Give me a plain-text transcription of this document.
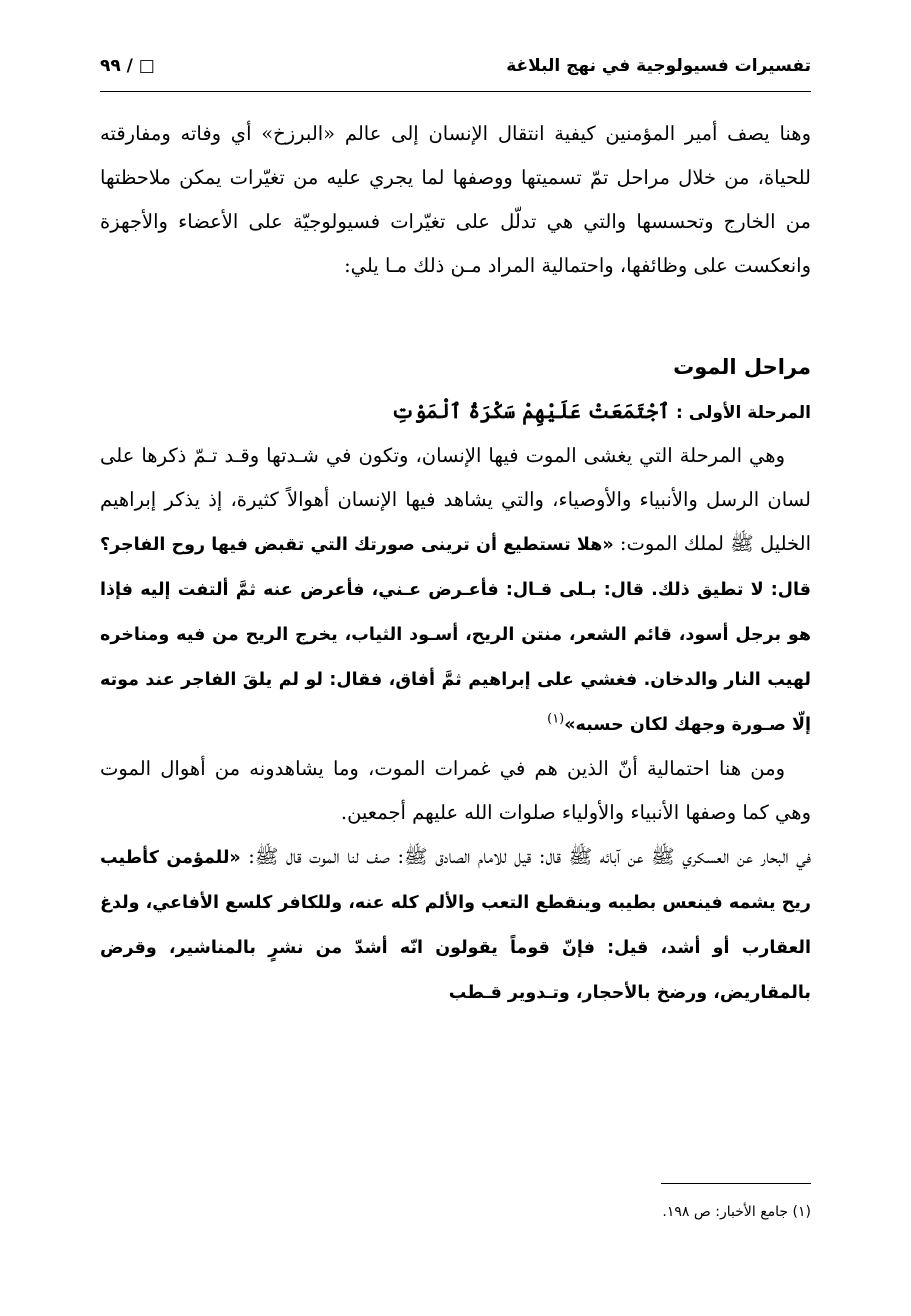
تفسيرات فسيولوجية في نهج البلاغة
□ / ٩٩

وهنا يصف أمير المؤمنين كيفية انتقال الإنسان إلى عالم «البرزخ» أي وفاته ومفارقته للحياة، من خلال مراحل تمّ تسميتها ووصفها لما يجري عليه من تغيّرات يمكن ملاحظتها من الخارج وتحسسها والتي هي تدلّل على تغيّرات فسيولوجيّة على الأعضاء والأجهزة وانعكست على وظائفها، واحتمالية المراد مـن ذلك مـا يلي:

مراحل الموت

المرحلة الأولى : ٱجْتَمَعَتْ عَلَيْهِمْ سَكْرَةُ ٱلْمَوْتِ

وهي المرحلة التي يغشى الموت فيها الإنسان، وتكون في شـدتها وقـد تـمّ ذكرها على لسان الرسل والأنبياء والأوصياء، والتي يشاهد فيها الإنسان أهوالاً كثيرة، إذ يذكر إبراهيم الخليل ﷺ لملك الموت: «هلا تستطيع أن ترينى صورتك التي تقبض فيها روح الفاجر؟ قال: لا تطيق ذلك. قال: بـلى قـال: فأعـرض عـني، فأعرض عنه ثمَّ ألتفت إليه فإذا هو برجل أسود، قائم الشعر، منتن الريح، أسـود الثياب، يخرج الريح من فيه ومناخره لهيب النار والدخان. فغشي على إبراهيم ثمَّ أفاق، فقال: لو لم يلقَ الفاجر عند موته إلّا صـورة وجهك لكان حسبه»$^{(١)}$

ومن هنا احتمالية أنّ الذين هم في غمرات الموت، وما يشاهدونه من أهوال الموت وهي كما وصفها الأنبياء والأولياء صلوات الله عليهم أجمعين.

في البحار عن العسكري ﷺ عن آبائه ﷺ قال: قيل للامام الصادق ﷺ: صف لنا الموت قال ﷺ: «للمؤمن كأطيب ريح يشمه فينعس بطيبه وينقطع التعب والألم كله عنه، وللكافر كلسع الأفاعي، ولدغ العقارب أو أشد، قيل: فإنّ قوماً يقولون انّه أشدّ من نشرٍ بالمناشير، وقرض بالمقاريض، ورضخ بالأحجار، وتـدوير قـطب

(١) جامع الأخبار: ص ١٩٨.
